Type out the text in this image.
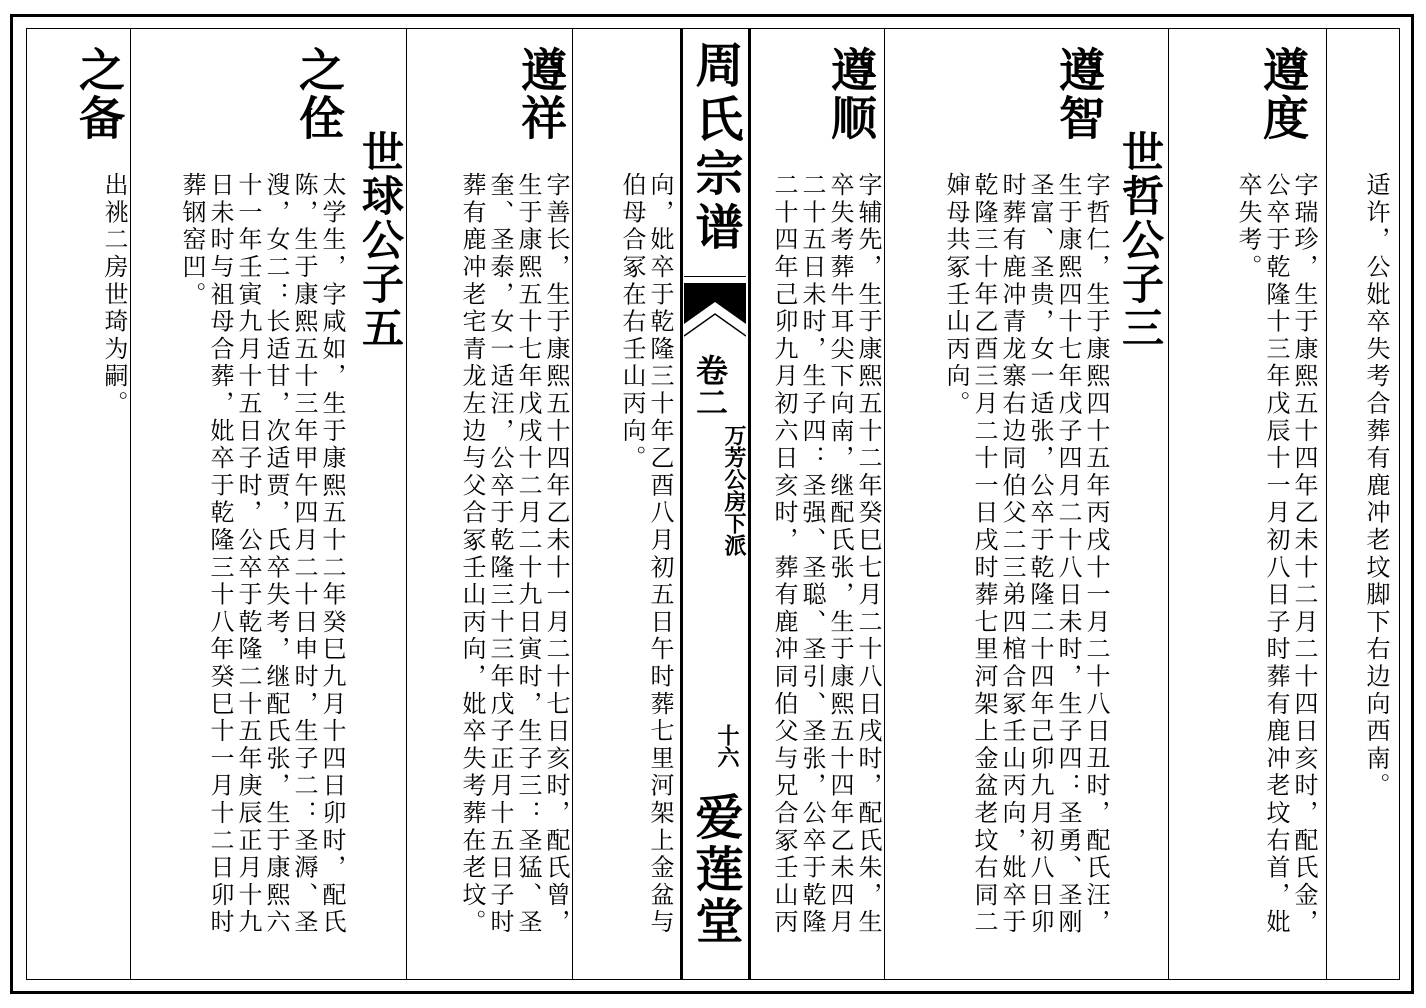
周氏宗谱
卷二
万芳公房下派
十六
爱莲堂
适许，公妣卒失考合葬有鹿冲老坟脚下右边向西南。
遵度
字瑞珍，生于康熙五十四年乙未十二月二十四日亥时，配氏金，公卒于乾隆十三年戊辰十一月初八日子时葬有鹿冲老坟右首，妣卒失考。
世哲公子三
遵智
字哲仁，生于康熙四十五年丙戌十一月二十八日丑时，配氏汪，生于康熙四十七年戊子四月二十八日未时，生子四：圣勇、圣刚圣富、圣贵，女一适张，公卒于乾隆二十四年己卯九月初八日卯时葬有鹿冲青龙寨右边同伯父二三弟四棺合冢壬山丙向，妣卒于乾隆三十年乙酉三月二十一日戌时葬七里河架上金盆老坟右同二婶母共冢壬山丙向。
遵顺
字辅先，生于康熙五十二年癸巳七月二十八日戌时，配氏朱，生卒失考葬牛耳尖下向南，继配氏张，生于康熙五十四年乙未四月二十五日未时，生子四：圣强、圣聪、圣引、圣张，公卒于乾隆二十四年己卯九月初六日亥时，葬有鹿冲同伯父与兄合冢壬山丙
向，妣卒于乾隆三十年乙酉八月初五日午时葬七里河架上金盆与伯母合冢在右壬山丙向。
遵祥
字善长，生于康熙五十四年乙未十一月二十七日亥时，配氏曾，生于康熙五十七年戊戌十二月二十九日寅时，生子三：圣猛、圣奎、圣泰，女一适汪，公卒于乾隆三十三年戊子正月十五日子时葬有鹿冲老宅青龙左边与父合冢壬山丙向，妣卒失考葬在老坟。
世球公子五
之佺
太学生，字咸如，生于康熙五十二年癸巳九月十四日卯时，配氏陈，生于康熙五十三年甲午四月二十日申时，生子二：圣溽、圣溲，女二：长适甘，次适贾，氏卒失考，继配氏张，生于康熙六十一年壬寅九月十五日子时，公卒于乾隆二十五年庚辰正月十九日未时与祖母合葬，妣卒于乾隆三十八年癸巳十一月十二日卯时葬钢窑凹。
之备
出祧二房世琦为嗣。
